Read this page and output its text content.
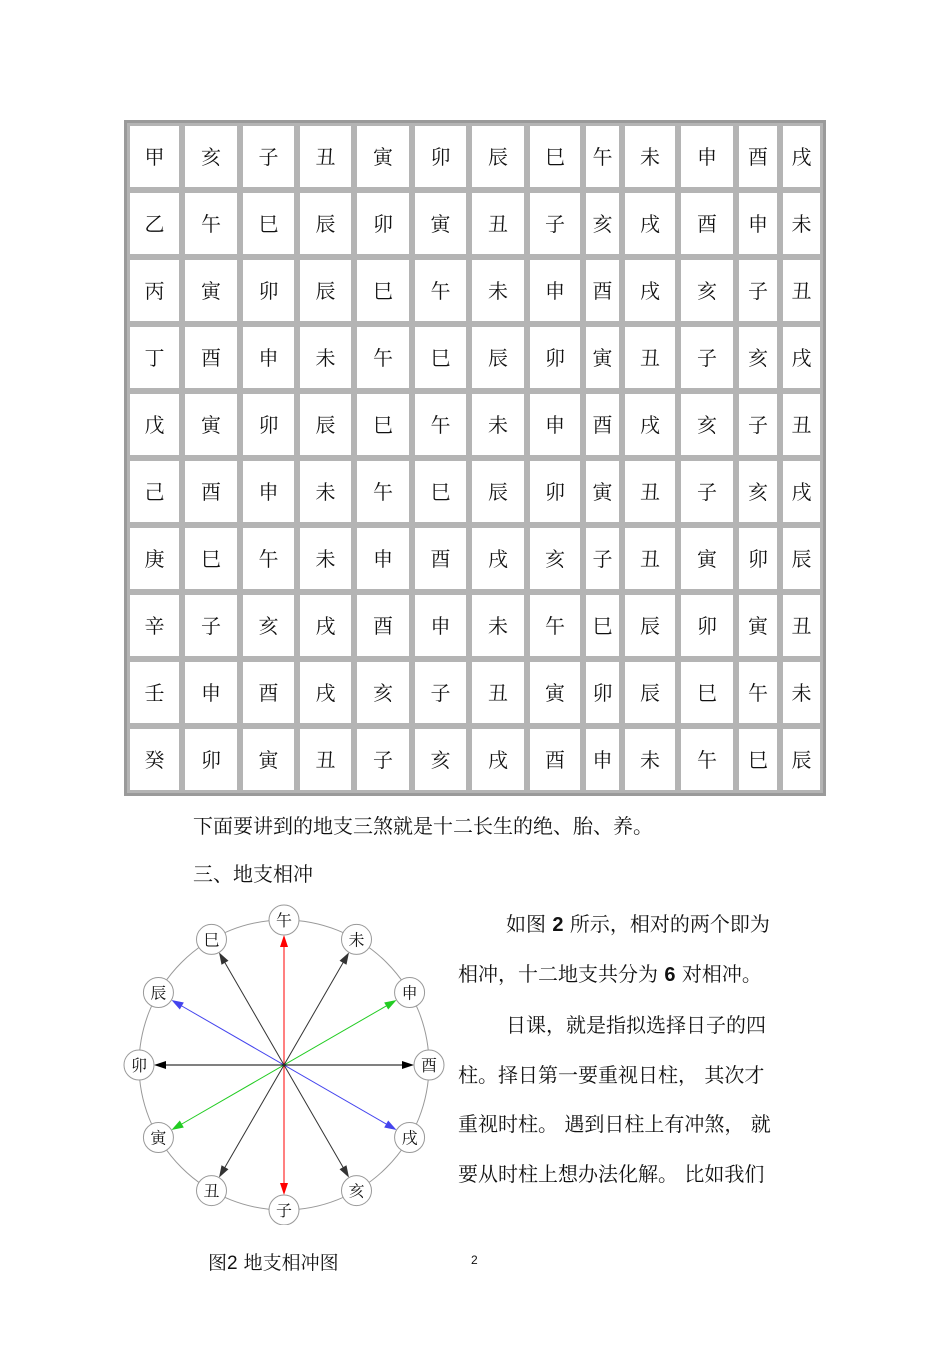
甲	亥	子	丑	寅	卯	辰	巳	午	未	申	酉	戌
乙	午	巳	辰	卯	寅	丑	子	亥	戌	酉	申	未
丙	寅	卯	辰	巳	午	未	申	酉	戌	亥	子	丑
丁	酉	申	未	午	巳	辰	卯	寅	丑	子	亥	戌
戊	寅	卯	辰	巳	午	未	申	酉	戌	亥	子	丑
己	酉	申	未	午	巳	辰	卯	寅	丑	子	亥	戌
庚	巳	午	未	申	酉	戌	亥	子	丑	寅	卯	辰
辛	子	亥	戌	酉	申	未	午	巳	辰	卯	寅	丑
壬	申	酉	戌	亥	子	丑	寅	卯	辰	巳	午	未
癸	卯	寅	丑	子	亥	戌	酉	申	未	午	巳	辰

下面要讲到的地支三煞就是十二长生的绝、胎、养。

三、地支相冲

午
未
申
酉
戌
亥
子
丑
寅
卯
辰
巳

如图 2 所示，相对的两个即为

相冲，十二地支共分为 6 对相冲。

日课，就是指拟选择日子的四

柱。择日第一要重视日柱， 其次才

重视时柱。 遇到日柱上有冲煞， 就

要从时柱上想办法化解。 比如我们

图2 地支相冲图	2
